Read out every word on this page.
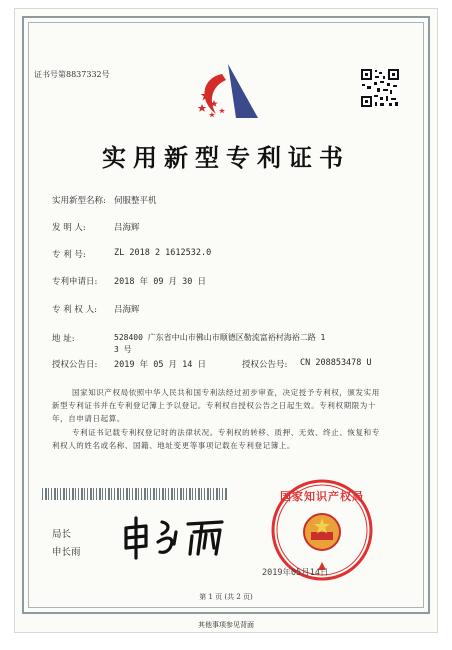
证书号第8837332号
实用新型专利证书
实用新型名称: 伺服整平机
发 明 人:	吕海辉
专 利 号:	ZL 2018 2 1612532.0
专利申请日: 2018 年 09 月 30 日
专 利 权 人: 吕海辉
地 址:	528400 广东省中山市佛山市顺德区勒流富裕村海裕二路 1
3 号
授权公告日: 2019 年 05 月 14 日	授权公告号: CN 208853478 U
国家知识产权局依照中华人民共和国专利法经过初步审查，决定授予专利权，颁发实用
新型专利证书并在专利登记簿上予以登记。专利权自授权公告之日起生效。专利权期限为十
年，自申请日起算。
专利证书记载专利权登记时的法律状况。专利权的转移、质押、无效、终止、恢复和专
利权人的姓名或名称、国籍、地址变更等事项记载在专利登记簿上。
局长
申长雨
国家知识产权局
2019年05月14日
第 1 页 (共 2 页)
其他事项参见背面
